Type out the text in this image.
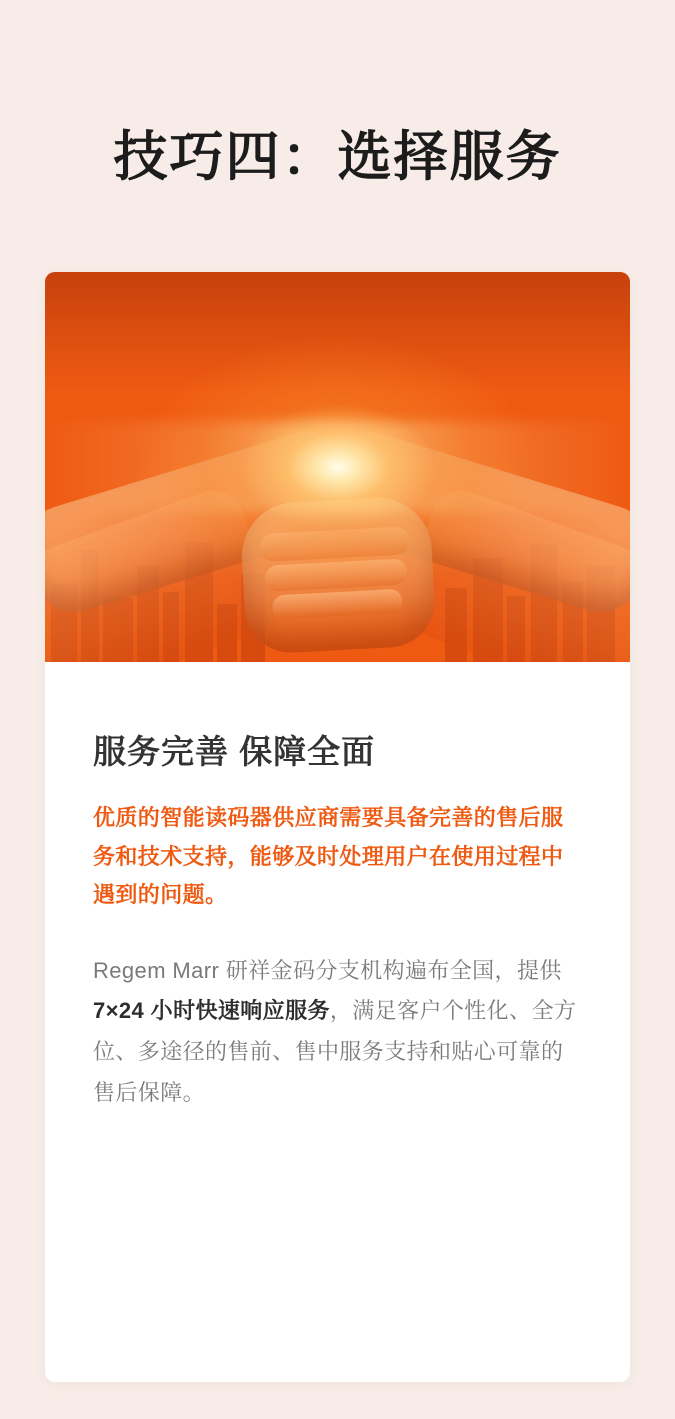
技巧四：选择服务
服务完善 保障全面

优质的智能读码器供应商需要具备完善的售后服务和技术支持，能够及时处理用户在使用过程中遇到的问题。

Regem Marr 研祥金码分支机构遍布全国，提供 7×24 小时快速响应服务，满足客户个性化、全方位、多途径的售前、售中服务支持和贴心可靠的售后保障。
